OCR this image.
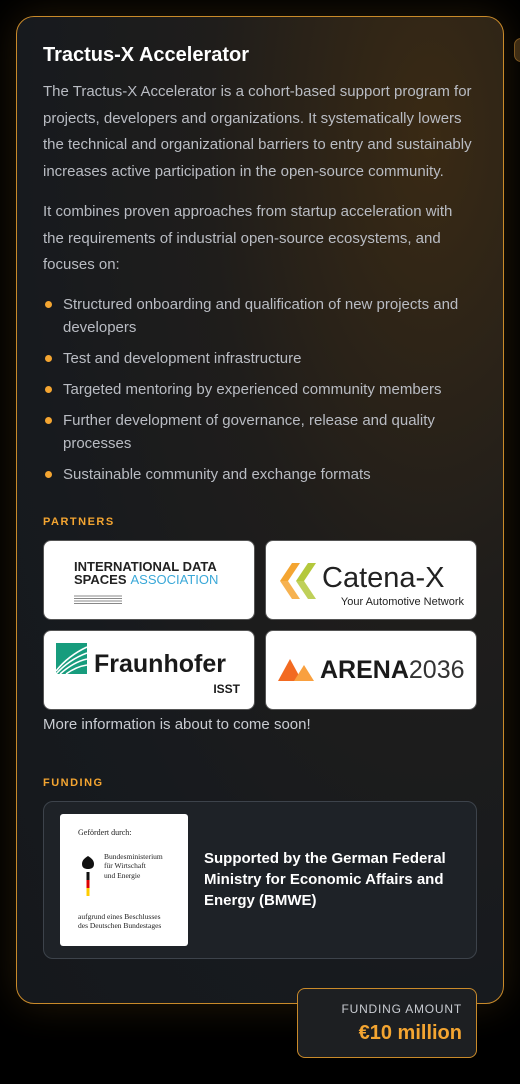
Tractus-X Accelerator

The Tractus-X Accelerator is a cohort-based support program for projects, developers and organizations. It systematically lowers the technical and organizational barriers to entry and sustainably increases active participation in the open-source community.

It combines proven approaches from startup acceleration with the requirements of industrial open-source ecosystems, and focuses on:

Structured onboarding and qualification of new projects and developers
Test and development infrastructure
Targeted mentoring by experienced community members
Further development of governance, release and quality processes
Sustainable community and exchange formats
PARTNERS
INTERNATIONAL DATA
SPACES ASSOCIATION	Catena-X
Your Automotive Network
Fraunhofer
ISST
ARENA2036
More information is about to come soon!
FUNDING
Gefördert durch:
Bundesministerium
für Wirtschaft
und Energie
aufgrund eines Beschlusses
des Deutschen Bundestages
Supported by the German Federal Ministry for Economic Affairs and Energy (BMWE)
FUNDING AMOUNT
€10 million
